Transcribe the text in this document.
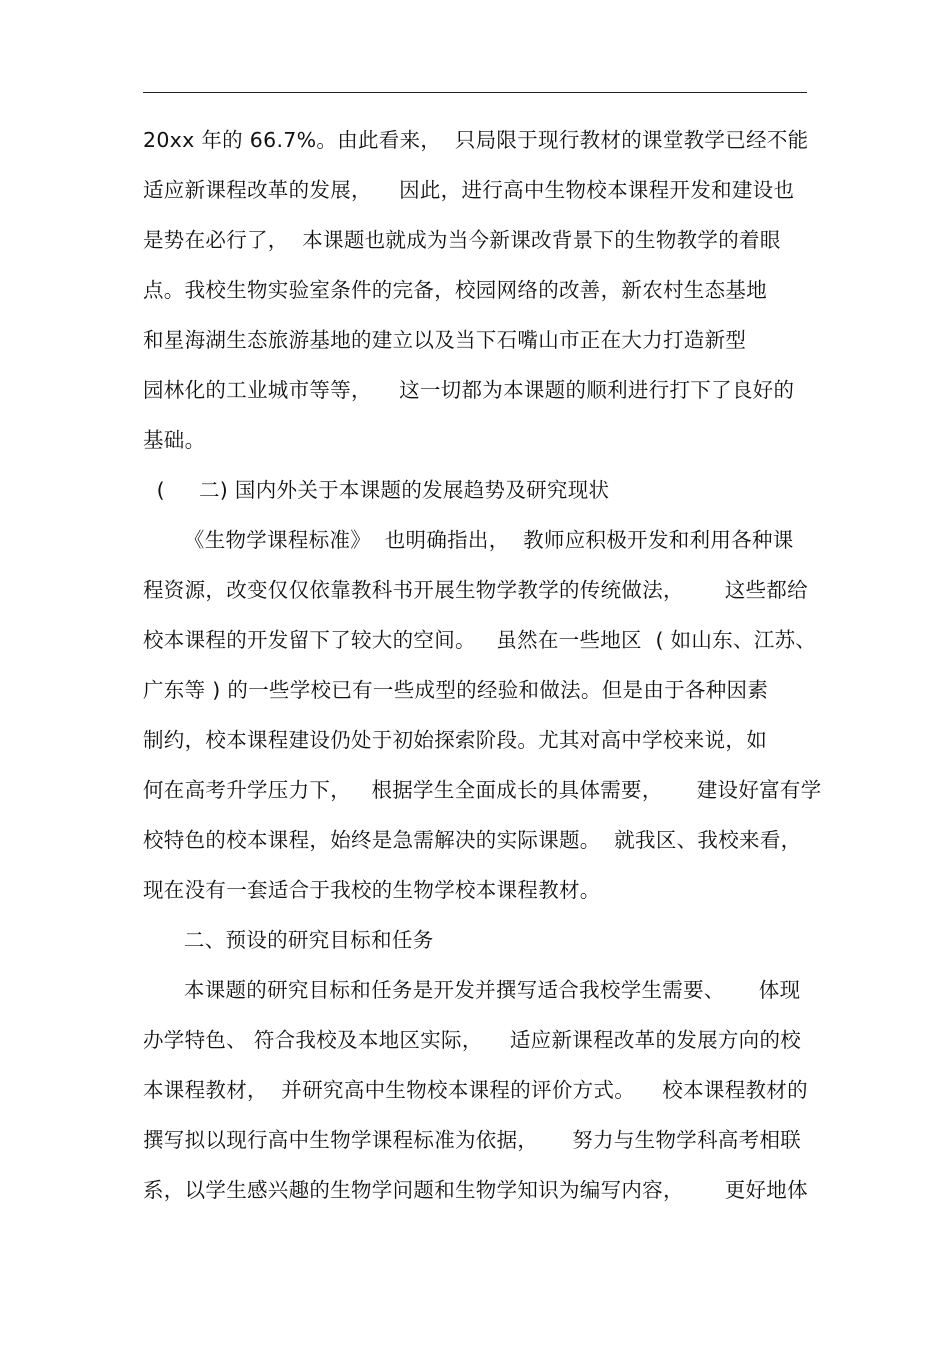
20xx 年的 66.7%。由此看来，  只局限于现行教材的课堂教学已经不能
适应新课程改革的发展，    因此，进行高中生物校本课程开发和建设也
是势在必行了，  本课题也就成为当今新课改背景下的生物教学的着眼
点。我校生物实验室条件的完备，校园网络的改善，新农村生态基地
和星海湖生态旅游基地的建立以及当下石嘴山市正在大力打造新型
园林化的工业城市等等，    这一切都为本课题的顺利进行打下了良好的
基础。
(     二) 国内外关于本课题的发展趋势及研究现状
《生物学课程标准》  也明确指出，  教师应积极开发和利用各种课
程资源，改变仅仅依靠教科书开展生物学教学的传统做法，      这些都给
校本课程的开发留下了较大的空间。   虽然在一些地区  ( 如山东、江苏、
广东等 ) 的一些学校已有一些成型的经验和做法。但是由于各种因素
制约，校本课程建设仍处于初始探索阶段。尤其对高中学校来说，如
何在高考升学压力下，   根据学生全面成长的具体需要，     建设好富有学
校特色的校本课程，始终是急需解决的实际课题。  就我区、我校来看，
现在没有一套适合于我校的生物学校本课程教材。
二、预设的研究目标和任务
本课题的研究目标和任务是开发并撰写适合我校学生需要、     体现
办学特色、 符合我校及本地区实际，    适应新课程改革的发展方向的校
本课程教材，  并研究高中生物校本课程的评价方式。    校本课程教材的
撰写拟以现行高中生物学课程标准为依据，     努力与生物学科高考相联
系，以学生感兴趣的生物学问题和生物学知识为编写内容，      更好地体
